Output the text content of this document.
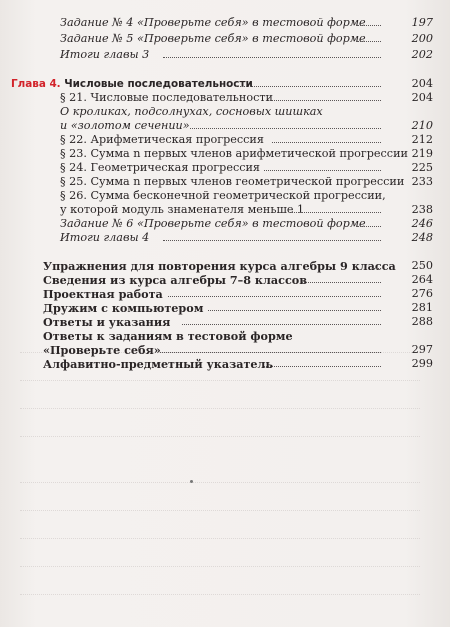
Задание № 4 «Проверьте себя» в тестовой форме	197
Задание № 5 «Проверьте себя» в тестовой форме	200
Итоги главы 3	202
Глава 4. Числовые последовательности	204
§ 21. Числовые последовательности	204
О кроликах, подсолнухах, сосновых шишках
и «золотом сечении»	210
§ 22. Арифметическая прогрессия	212
§ 23. Сумма n первых членов арифметической прогрессии 219
§ 24. Геометрическая прогрессия	225
§ 25. Сумма n первых членов геометрической прогрессии 233
§ 26. Сумма бесконечной геометрической прогрессии,
у которой модуль знаменателя меньше 1	238
Задание № 6 «Проверьте себя» в тестовой форме	246
Итоги главы 4	248
Упражнения для повторения курса алгебры 9 класса	250
Сведения из курса алгебры 7–8 классов	264
Проектная работа	276
Дружим с компьютером	281
Ответы и указания	288
Ответы к заданиям в тестовой форме
«Проверьте себя»	297
Алфавитно-предметный указатель	299
